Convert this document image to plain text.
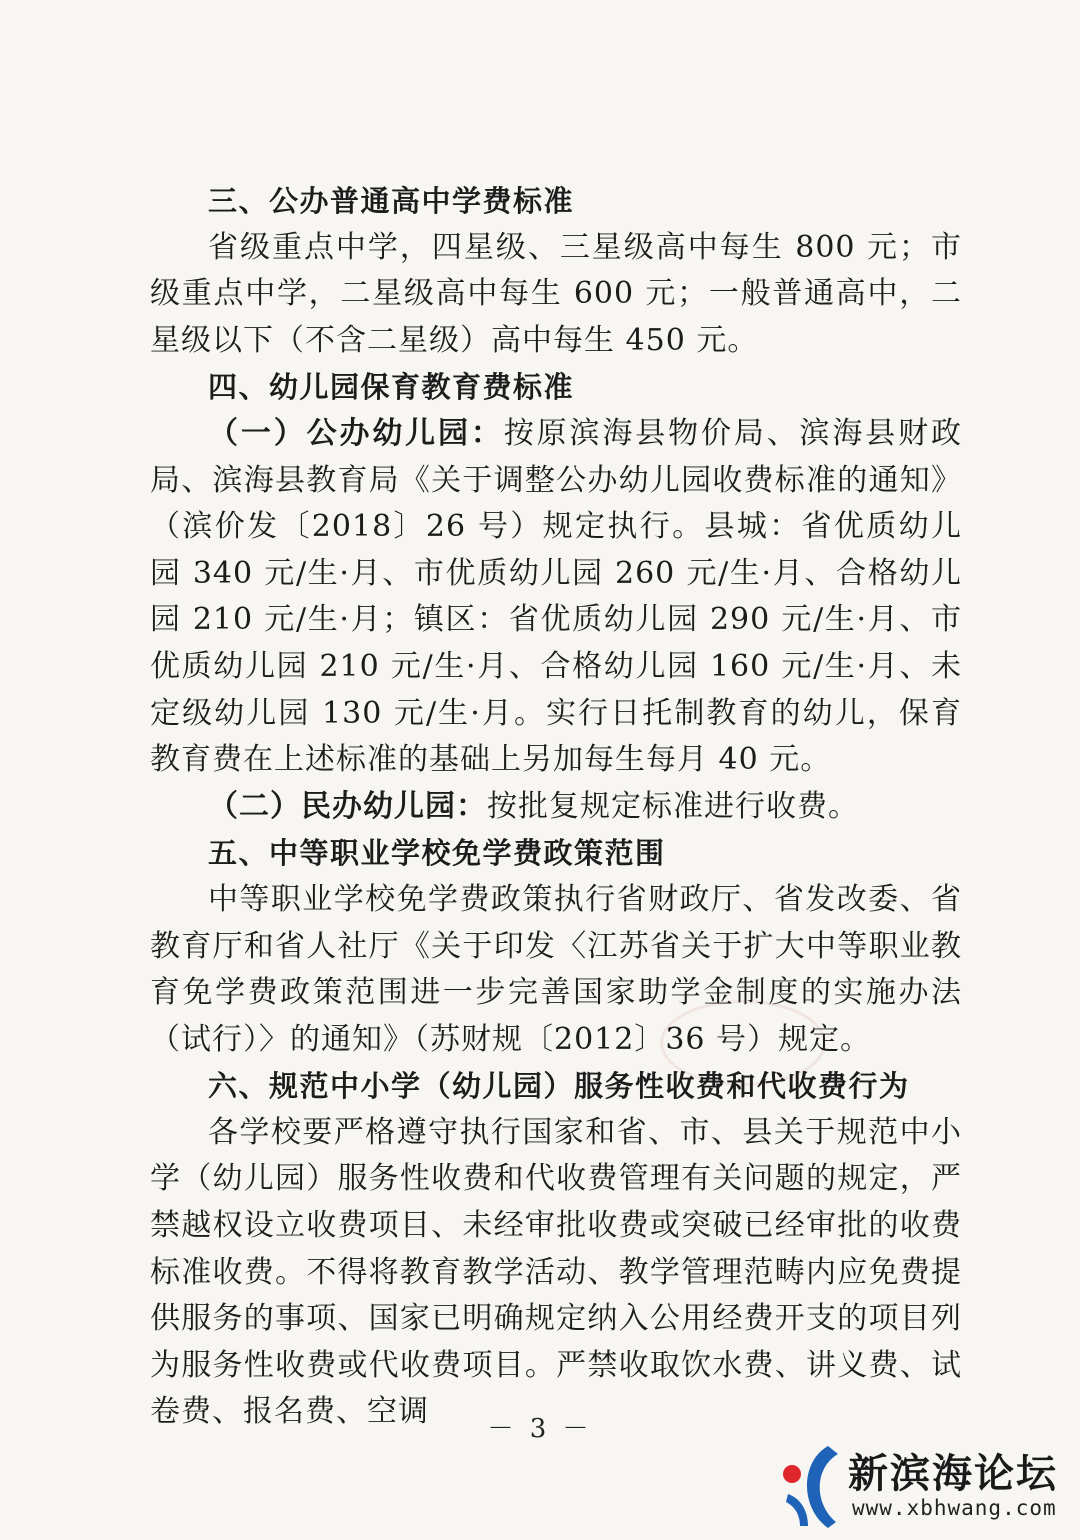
三、公办普通高中学费标准

省级重点中学，四星级、三星级高中每生 800 元；市级重点中学，二星级高中每生 600 元；一般普通高中，二星级以下（不含二星级）高中每生 450 元。

四、幼儿园保育教育费标准

（一）公办幼儿园：按原滨海县物价局、滨海县财政局、滨海县教育局《关于调整公办幼儿园收费标准的通知》（滨价发〔2018〕26 号）规定执行。县城：省优质幼儿园 340 元/生·月、市优质幼儿园 260 元/生·月、合格幼儿园 210 元/生·月；镇区：省优质幼儿园 290 元/生·月、市优质幼儿园 210 元/生·月、合格幼儿园 160 元/生·月、未定级幼儿园 130 元/生·月。实行日托制教育的幼儿，保育教育费在上述标准的基础上另加每生每月 40 元。

（二）民办幼儿园：按批复规定标准进行收费。

五、中等职业学校免学费政策范围

中等职业学校免学费政策执行省财政厅、省发改委、省教育厅和省人社厅《关于印发〈江苏省关于扩大中等职业教育免学费政策范围进一步完善国家助学金制度的实施办法（试行）〉的通知》（苏财规〔2012〕36 号）规定。

六、规范中小学（幼儿园）服务性收费和代收费行为

各学校要严格遵守执行国家和省、市、县关于规范中小学（幼儿园）服务性收费和代收费管理有关问题的规定，严禁越权设立收费项目、未经审批收费或突破已经审批的收费标准收费。不得将教育教学活动、教学管理范畴内应免费提供服务的事项、国家已明确规定纳入公用经费开支的项目列为服务性收费或代收费项目。严禁收取饮水费、讲义费、试卷费、报名费、空调	－ 3 －
新滨海论坛
www.xbhwang.com
